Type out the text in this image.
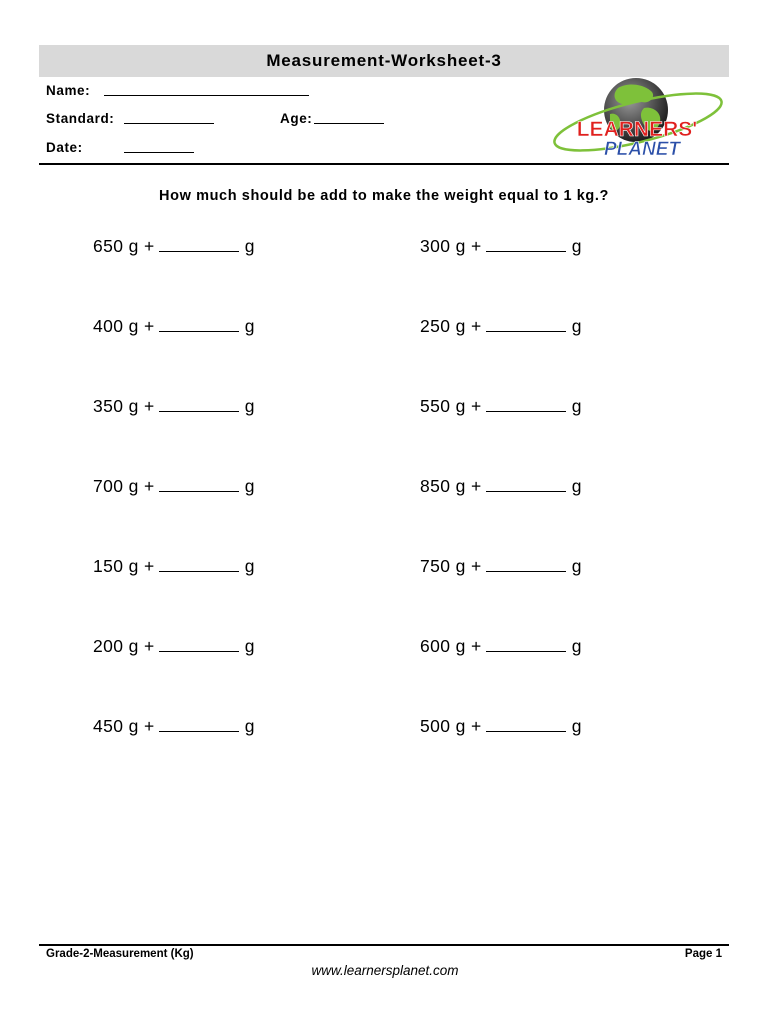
Measurement-Worksheet-3
Name:
Standard:	Age:
Date:
LEARNERS'
PLANET
How much should be add to make the weight equal to 1 kg.?
650 g +	g	300 g +	g
400 g +	g	250 g +	g
350 g +	g	550 g +	g
700 g +	g	850 g +	g
150 g +	g	750 g +	g
200 g +	g	600 g +	g
450 g +	g	500 g +	g
Grade-2-Measurement (Kg)	Page 1
www.learnersplanet.com
